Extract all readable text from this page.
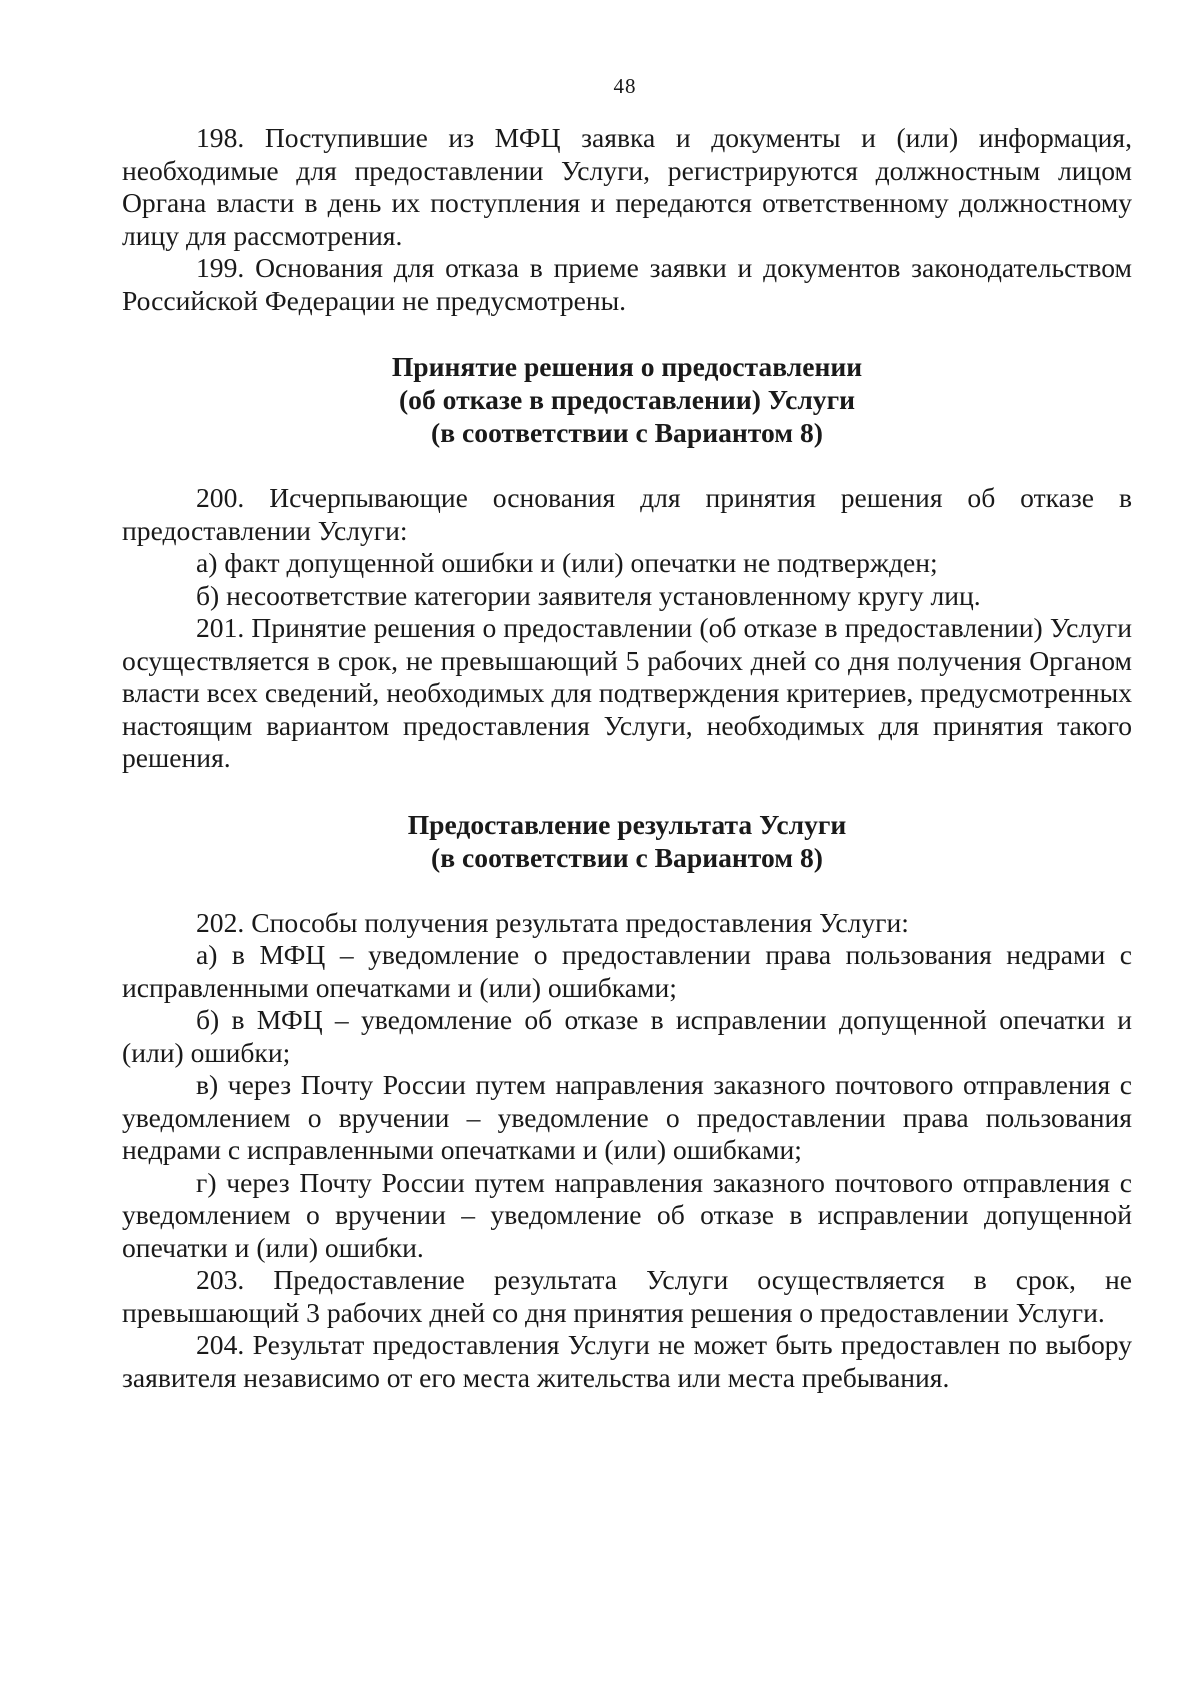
48

198. Поступившие из МФЦ заявка и документы и (или) информация, необходимые для предоставлении Услуги, регистрируются должностным лицом Органа власти в день их поступления и передаются ответственному должностному лицу для рассмотрения.

199. Основания для отказа в приеме заявки и документов законодательством Российской Федерации не предусмотрены.

Принятие решения о предоставлении
(об отказе в предоставлении) Услуги
(в соответствии с Вариантом 8)

200. Исчерпывающие основания для принятия решения об отказе в предоставлении Услуги:

а) факт допущенной ошибки и (или) опечатки не подтвержден;

б) несоответствие категории заявителя установленному кругу лиц.

201. Принятие решения о предоставлении (об отказе в предоставлении) Услуги осуществляется в срок, не превышающий 5 рабочих дней со дня получения Органом власти всех сведений, необходимых для подтверждения критериев, предусмотренных настоящим вариантом предоставления Услуги, необходимых для принятия такого решения.

Предоставление результата Услуги
(в соответствии с Вариантом 8)

202. Способы получения результата предоставления Услуги:

а) в МФЦ – уведомление о предоставлении права пользования недрами с исправленными опечатками и (или) ошибками;

б) в МФЦ – уведомление об отказе в исправлении допущенной опечатки и (или) ошибки;

в) через Почту России путем направления заказного почтового отправления с уведомлением о вручении – уведомление о предоставлении права пользования недрами с исправленными опечатками и (или) ошибками;

г) через Почту России путем направления заказного почтового отправления с уведомлением о вручении – уведомление об отказе в исправлении допущенной опечатки и (или) ошибки.

203. Предоставление результата Услуги осуществляется в срок, не превышающий 3 рабочих дней со дня принятия решения о предоставлении Услуги.

204. Результат предоставления Услуги не может быть предоставлен по выбору заявителя независимо от его места жительства или места пребывания.
